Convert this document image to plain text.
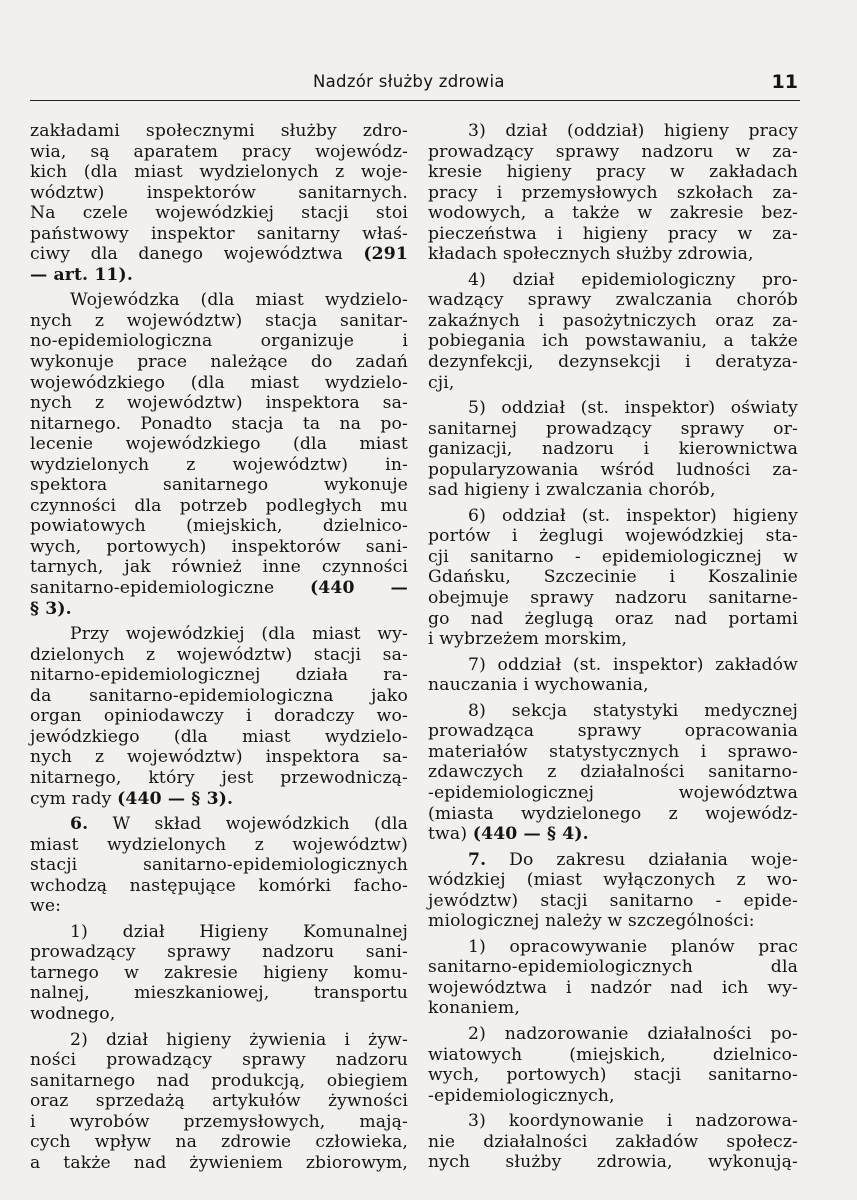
Nadzór służby zdrowia	11
zakładami społecznymi służby zdro-
wia, są aparatem pracy wojewódz-
kich (dla miast wydzielonych z woje-
wództw) inspektorów sanitarnych.
Na czele wojewódzkiej stacji stoi
państwowy inspektor sanitarny właś-
ciwy dla danego województwa (291
— art. 11).
Wojewódzka (dla miast wydzielo-
nych z województw) stacja sanitar-
no-epidemiologiczna organizuje i
wykonuje prace należące do zadań
wojewódzkiego (dla miast wydzielo-
nych z województw) inspektora sa-
nitarnego. Ponadto stacja ta na po-
lecenie wojewódzkiego (dla miast
wydzielonych z województw) in-
spektora sanitarnego wykonuje
czynności dla potrzeb podległych mu
powiatowych (miejskich, dzielnico-
wych, portowych) inspektorów sani-
tarnych, jak również inne czynności
sanitarno-epidemiologiczne (440 —
§ 3).
Przy wojewódzkiej (dla miast wy-
dzielonych z województw) stacji sa-
nitarno-epidemiologicznej działa ra-
da sanitarno-epidemiologiczna jako
organ opiniodawczy i doradczy wo-
jewódzkiego (dla miast wydzielo-
nych z województw) inspektora sa-
nitarnego, który jest przewodniczą-
cym rady (440 — § 3).
6. W skład wojewódzkich (dla
miast wydzielonych z województw)
stacji sanitarno-epidemiologicznych
wchodzą następujące komórki facho-
we:
1) dział Higieny Komunalnej
prowadzący sprawy nadzoru sani-
tarnego w zakresie higieny komu-
nalnej, mieszkaniowej, transportu
wodnego,
2) dział higieny żywienia i żyw-
ności prowadzący sprawy nadzoru
sanitarnego nad produkcją, obiegiem
oraz sprzedażą artykułów żywności
i wyrobów przemysłowych, mają-
cych wpływ na zdrowie człowieka,
a także nad żywieniem zbiorowym,
3) dział (oddział) higieny pracy
prowadzący sprawy nadzoru w za-
kresie higieny pracy w zakładach
pracy i przemysłowych szkołach za-
wodowych, a także w zakresie bez-
pieczeństwa i higieny pracy w za-
kładach społecznych służby zdrowia,
4) dział epidemiologiczny pro-
wadzący sprawy zwalczania chorób
zakaźnych i pasożytniczych oraz za-
pobiegania ich powstawaniu, a także
dezynfekcji, dezynsekcji i deratyza-
cji,
5) oddział (st. inspektor) oświaty
sanitarnej prowadzący sprawy or-
ganizacji, nadzoru i kierownictwa
popularyzowania wśród ludności za-
sad higieny i zwalczania chorób,
6) oddział (st. inspektor) higieny
portów i żeglugi wojewódzkiej sta-
cji sanitarno - epidemiologicznej w
Gdańsku, Szczecinie i Koszalinie
obejmuje sprawy nadzoru sanitarne-
go nad żeglugą oraz nad portami
i wybrzeżem morskim,
7) oddział (st. inspektor) zakładów
nauczania i wychowania,
8) sekcja statystyki medycznej
prowadząca sprawy opracowania
materiałów statystycznych i sprawo-
zdawczych z działalności sanitarno-
-epidemiologicznej województwa
(miasta wydzielonego z wojewódz-
twa) (440 — § 4).
7. Do zakresu działania woje-
wódzkiej (miast wyłączonych z wo-
jewództw) stacji sanitarno - epide-
miologicznej należy w szczególności:
1) opracowywanie planów prac
sanitarno-epidemiologicznych dla
województwa i nadzór nad ich wy-
konaniem,
2) nadzorowanie działalności po-
wiatowych (miejskich, dzielnico-
wych, portowych) stacji sanitarno-
-epidemiologicznych,
3) koordynowanie i nadzorowa-
nie działalności zakładów społecz-
nych służby zdrowia, wykonują-
